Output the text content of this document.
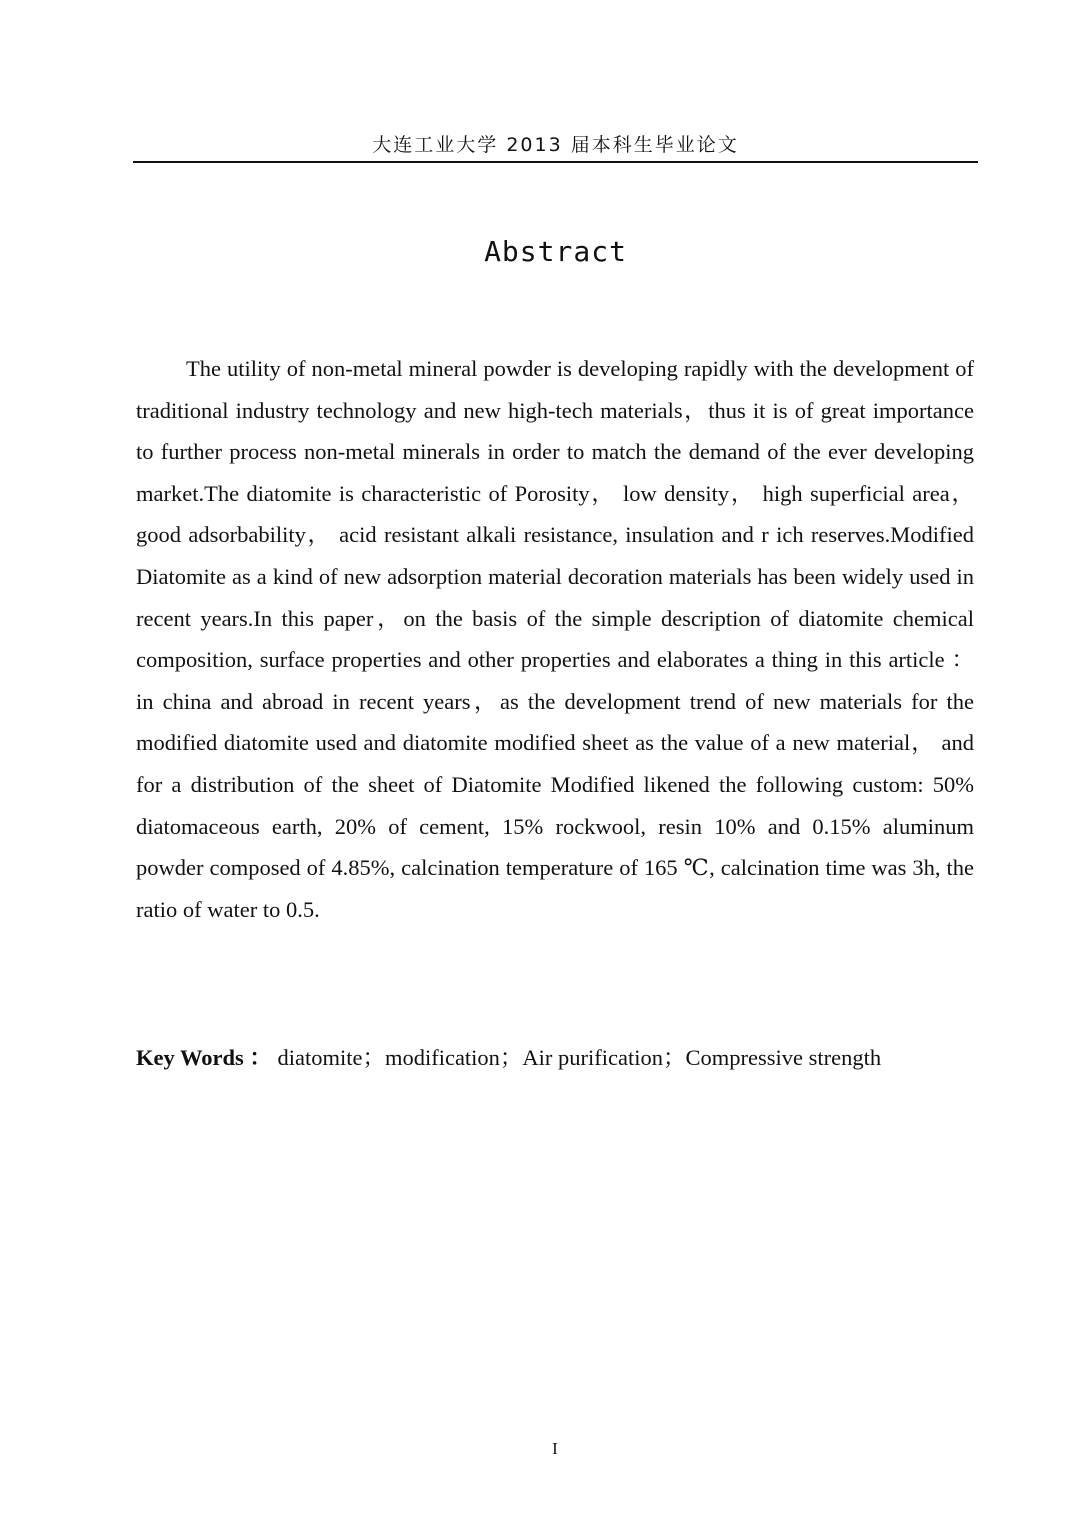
大连工业大学 2013 届本科生毕业论文
Abstract

The utility of non-metal mineral powder is developing rapidly with the development of traditional industry technology and new high-tech materials，thus it is of great importance to further process non-metal minerals in order to match the demand of the ever developing market.The diatomite is characteristic of Porosity， low density， high superficial area， good adsorbability， acid resistant alkali resistance, insulation and r ich reserves.Modified Diatomite as a kind of new adsorption material decoration materials has been widely used in recent years.In this paper，on the basis of the simple description of diatomite chemical composition, surface properties and other properties and elaborates a thing in this article ： in china and abroad in recent years，as the development trend of new materials for the modified diatomite used and diatomite modified sheet as the value of a new material， and for a distribution of the sheet of Diatomite Modified likened the following custom: 50% diatomaceous earth, 20% of cement, 15% rockwool, resin 10% and 0.15% aluminum powder composed of 4.85%, calcination temperature of 165 ℃, calcination time was 3h, the ratio of water to 0.5.

Key Words ： diatomite；modification；Air purification；Compressive strength
I
